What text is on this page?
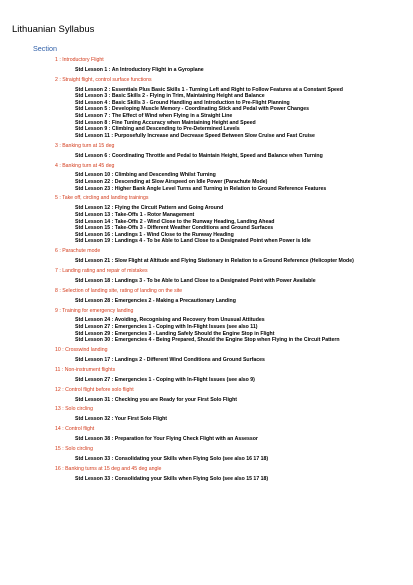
Lithuanian Syllabus
Section
1 : Introductory Flight
Std Lesson 1 : An Introductory Flight in a Gyroplane
2 : Straight flight, control surface functions
Std Lesson 2 : Essentials Plus Basic Skills 1 - Turning Left and Right to Follow Features at a Constant Speed
Std Lesson 3 : Basic Skills 2 - Flying in Trim, Maintaining Height and Balance
Std Lesson 4 : Basic Skills 3 - Ground Handling and Introduction to Pre-Flight Planning
Std Lesson 5 : Developing Muscle Memory - Coordinating Stick and Pedal with Power Changes
Std Lesson 7 : The Effect of Wind when Flying in a Straight Line
Std Lesson 8 : Fine Tuning Accuracy when Maintaining Height and Speed
Std Lesson 9 : Climbing and Descending to Pre-Determined Levels
Std Lesson 11 : Purposefully Increase and Decrease Speed Between Slow Cruise and Fast Cruise
3 : Banking turn at 15 deg
Std Lesson 6 : Coordinating Throttle and Pedal to Maintain Height, Speed and Balance when Turning
4 : Banking turn at 45 deg
Std Lesson 10 : Climbing and Descending Whilst Turning
Std Lesson 22 : Descending at Slow Airspeed on Idle Power (Parachute Mode)
Std Lesson 23 : Higher Bank Angle Level Turns and Turning in Relation to Ground Reference Features
5 : Take off, circling and landing trainings
Std Lesson 12 : Flying the Circuit Pattern and Going Around
Std Lesson 13 : Take-Offs 1 - Rotor Management
Std Lesson 14 : Take-Offs 2 - Wind Close to the Runway Heading, Landing Ahead
Std Lesson 15 : Take-Offs 3 - Different Weather Conditions and Ground Surfaces
Std Lesson 16 : Landings 1 - Wind Close to the Runway Heading
Std Lesson 19 : Landings 4 - To be Able to Land Close to a Designated Point when Power is Idle
6 : Parachute mode
Std Lesson 21 : Slow Flight at Altitude and Flying Stationary in Relation to a Ground Reference (Helicopter Mode)
7 : Landing rating and repair of mistakes
Std Lesson 18 : Landings 3 - To be Able to Land Close to a Designated Point with Power Available
8 : Selection of landing site, rating of landing on the site
Std Lesson 28 : Emergencies 2 - Making a Precautionary Landing
9 : Training for emergency landing
Std Lesson 24 : Avoiding, Recognising and Recovery from Unusual Attitudes
Std Lesson 27 : Emergencies 1 - Coping with In-Flight Issues (see also 11)
Std Lesson 29 : Emergencies 3 - Landing Safely Should the Engine Stop in Flight
Std Lesson 30 : Emergencies 4 - Being Prepared, Should the Engine Stop when Flying in the Circuit Pattern
10 : Crosswind landing
Std Lesson 17 : Landings 2 - Different Wind Conditions and Ground Surfaces
11 : Non-instrument flights
Std Lesson 27 : Emergencies 1 - Coping with In-Flight Issues (see also 9)
12 : Control flight before solo flight
Std Lesson 31 : Checking you are Ready for your First Solo Flight
13 : Solo circling
Std Lesson 32 : Your First Solo Flight
14 : Control flight
Std Lesson 38 : Preparation for Your Flying Check Flight with an Assessor
15 : Solo circling
Std Lesson 33 : Consolidating your Skills when Flying Solo (see also 16 17 18)
16 : Banking turns at 15 deg and 45 deg angle
Std Lesson 33 : Consolidating your Skills when Flying Solo (see also 15 17 18)
